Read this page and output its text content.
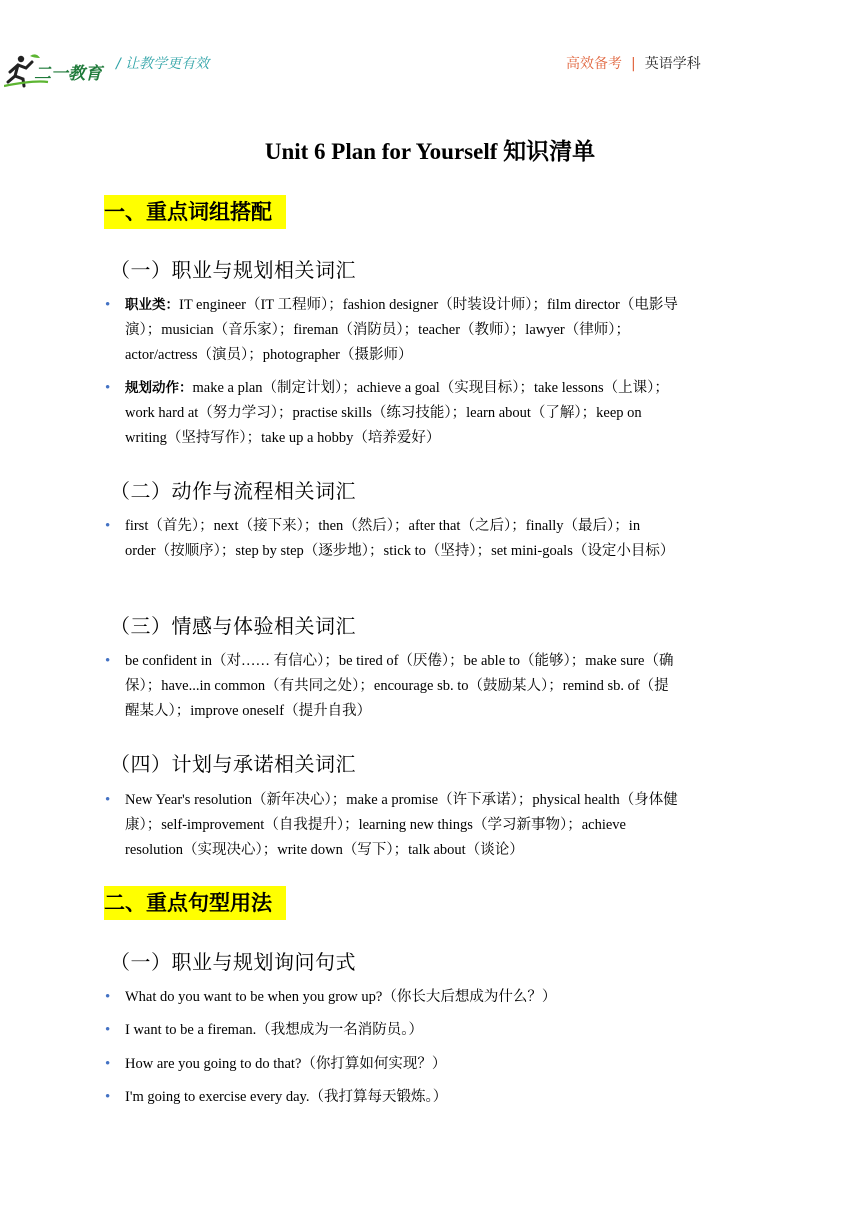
二一教育 / 让教学更有效	高效备考 | 英语学科
Unit 6 Plan for Yourself 知识清单
一、重点词组搭配
（一）职业与规划相关词汇
• 职业类：IT engineer（IT 工程师）；fashion designer（时装设计师）；film director（电影导
演）；musician（音乐家）；fireman（消防员）；teacher（教师）；lawyer（律师）；
actor/actress（演员）；photographer（摄影师）
• 规划动作：make a plan（制定计划）；achieve a goal（实现目标）；take lessons（上课）；
work hard at（努力学习）；practise skills（练习技能）；learn about（了解）；keep on
writing（坚持写作）；take up a hobby（培养爱好）
（二）动作与流程相关词汇
• first（首先）；next（接下来）；then（然后）；after that（之后）；finally（最后）；in
order（按顺序）；step by step（逐步地）；stick to（坚持）；set mini-goals（设定小目标）
（三）情感与体验相关词汇
• be confident in（对…… 有信心）；be tired of（厌倦）；be able to（能够）；make sure（确
保）；have...in common（有共同之处）；encourage sb. to（鼓励某人）；remind sb. of（提
醒某人）；improve oneself（提升自我）
（四）计划与承诺相关词汇
• New Year's resolution（新年决心）；make a promise（许下承诺）；physical health（身体健
康）；self-improvement（自我提升）；learning new things（学习新事物）；achieve
resolution（实现决心）；write down（写下）；talk about（谈论）
二、重点句型用法
（一）职业与规划询问句式
• What do you want to be when you grow up?（你长大后想成为什么？）
• I want to be a fireman.（我想成为一名消防员。）
• How are you going to do that?（你打算如何实现？）
• I'm going to exercise every day.（我打算每天锻炼。）
